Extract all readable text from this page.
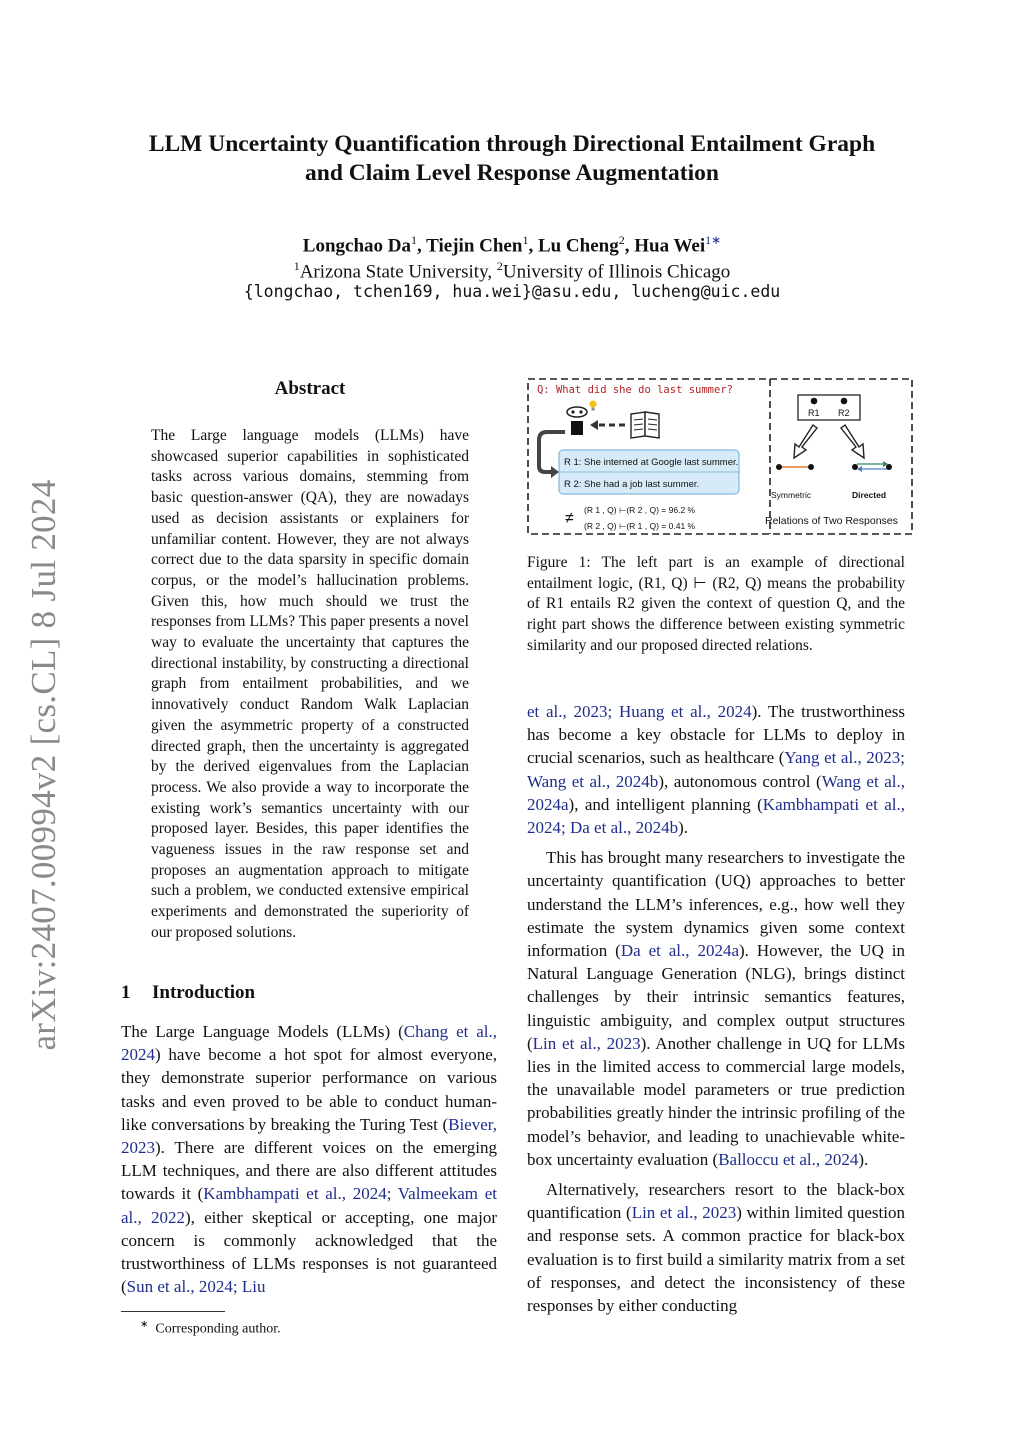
arXiv:2407.00994v2 [cs.CL] 8 Jul 2024
LLM Uncertainty Quantification through Directional Entailment Graph
and Claim Level Response Augmentation
Longchao Da$^1$, Tiejin Chen$^1$, Lu Cheng$^2$, Hua Wei$^{1∗}$
$^1$Arizona State University, $^2$University of Illinois Chicago
{longchao, tchen169, hua.wei}@asu.edu, lucheng@uic.edu
Abstract
The Large language models (LLMs) have showcased superior capabilities in sophisticated tasks across various domains, stemming from basic question-answer (QA), they are nowadays used as decision assistants or explainers for unfamiliar content. However, they are not always correct due to the data sparsity in specific domain corpus, or the model’s hallucination problems. Given this, how much should we trust the responses from LLMs? This paper presents a novel way to evaluate the uncertainty that captures the directional instability, by constructing a directional graph from entailment probabilities, and we innovatively conduct Random Walk Laplacian given the asymmetric property of a constructed directed graph, then the uncertainty is aggregated by the derived eigenvalues from the Laplacian process. We also provide a way to incorporate the existing work’s semantics uncertainty with our proposed layer. Besides, this paper identifies the vagueness issues in the raw response set and proposes an augmentation approach to mitigate such a problem, we conducted extensive empirical experiments and demonstrated the superiority of our proposed solutions.
1 Introduction
The Large Language Models (LLMs) (Chang et al., 2024) have become a hot spot for almost everyone, they demonstrate superior performance on various tasks and even proved to be able to conduct human-like conversations by breaking the Turing Test (Biever, 2023). There are different voices on the emerging LLM techniques, and there are also different attitudes towards it (Kambhampati et al., 2024; Valmeekam et al., 2022), either skeptical or accepting, one major concern is commonly acknowledged that the trustworthiness of LLMs responses is not guaranteed (Sun et al., 2024; Liu
∗ Corresponding author.
Q: What did she do last summer?
R 1: She interned at Google last summer.
R 2: She had a job last summer.
≠ (R 1 , Q) ⊢(R 2 , Q) = 96.2 %
(R 2 , Q) ⊢(R 1 , Q) = 0.41 %
R1 R2
Symmetric	Directed
Relations of Two Responses
Figure 1: The left part is an example of directional entailment logic, (R1, Q) ⊢ (R2, Q) means the probability of R1 entails R2 given the context of question Q, and the right part shows the difference between existing symmetric similarity and our proposed directed relations.

et al., 2023; Huang et al., 2024). The trustworthiness has become a key obstacle for LLMs to deploy in crucial scenarios, such as healthcare (Yang et al., 2023; Wang et al., 2024b), autonomous control (Wang et al., 2024a), and intelligent planning (Kambhampati et al., 2024; Da et al., 2024b).

This has brought many researchers to investigate the uncertainty quantification (UQ) approaches to better understand the LLM’s inferences, e.g., how well they estimate the system dynamics given some context information (Da et al., 2024a). However, the UQ in Natural Language Generation (NLG), brings distinct challenges by their intrinsic semantics features, linguistic ambiguity, and complex output structures (Lin et al., 2023). Another challenge in UQ for LLMs lies in the limited access to commercial large models, the unavailable model parameters or true prediction probabilities greatly hinder the intrinsic profiling of the model’s behavior, and leading to unachievable white-box uncertainty evaluation (Balloccu et al., 2024).

Alternatively, researchers resort to the black-box quantification (Lin et al., 2023) within limited question and response sets. A common practice for black-box evaluation is to first build a similarity matrix from a set of responses, and detect the inconsistency of these responses by either conducting
